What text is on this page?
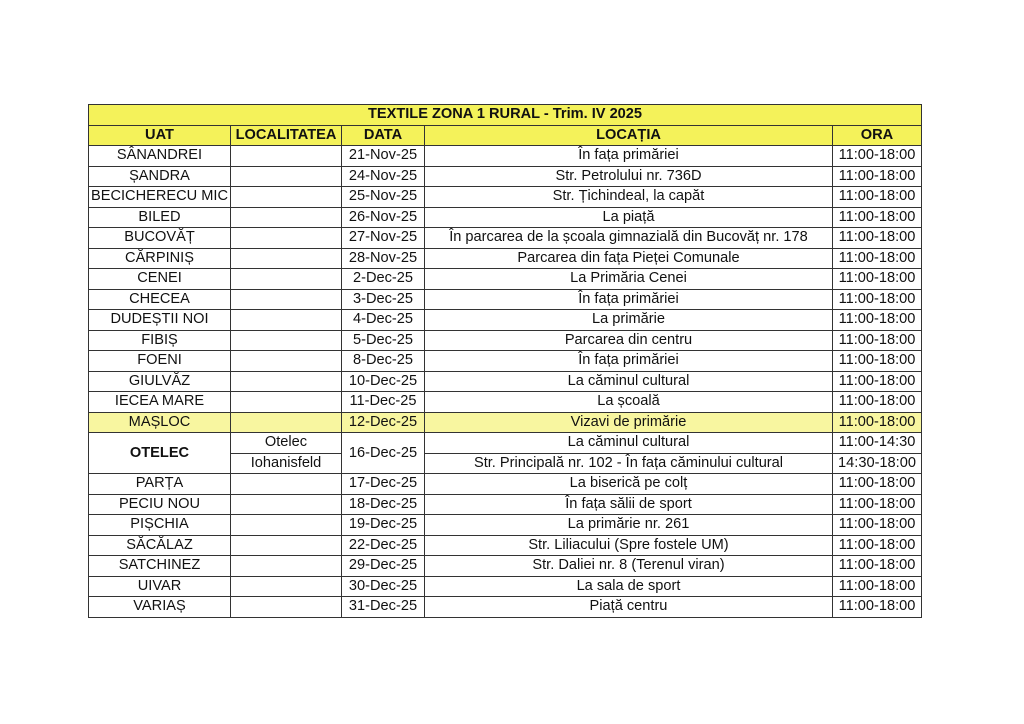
TEXTILE ZONA 1 RURAL - Trim. IV 2025				
UAT	LOCALITATEA	DATA	LOCAȚIA	ORA
SÂNANDREI		21-Nov-25	În fața primăriei	11:00-18:00
ȘANDRA		24-Nov-25	Str. Petrolului nr. 736D	11:00-18:00
BECICHERECU MIC		25-Nov-25	Str. Țichindeal, la capăt	11:00-18:00
BILED		26-Nov-25	La piață	11:00-18:00
BUCOVĂȚ		27-Nov-25	În parcarea de la școala gimnazială din Bucovăț nr. 178	11:00-18:00
CĂRPINIȘ		28-Nov-25	Parcarea din fața Pieței Comunale	11:00-18:00
CENEI		2-Dec-25	La Primăria Cenei	11:00-18:00
CHECEA		3-Dec-25	În fața primăriei	11:00-18:00
DUDEȘTII NOI		4-Dec-25	La primărie	11:00-18:00
FIBIȘ		5-Dec-25	Parcarea din centru	11:00-18:00
FOENI		8-Dec-25	În fața primăriei	11:00-18:00
GIULVĂZ		10-Dec-25	La căminul cultural	11:00-18:00
IECEA MARE		11-Dec-25	La școală	11:00-18:00
MAȘLOC		12-Dec-25	Vizavi de primărie	11:00-18:00
OTELEC	Otelec	16-Dec-25	La căminul cultural	11:00-14:30
	Iohanisfeld		Str. Principală nr. 102 - În fața căminului cultural	14:30-18:00
PARȚA		17-Dec-25	La biserică pe colț	11:00-18:00
PECIU NOU		18-Dec-25	În fața sălii de sport	11:00-18:00
PIȘCHIA		19-Dec-25	La primărie nr. 261	11:00-18:00
SĂCĂLAZ		22-Dec-25	Str. Liliacului (Spre fostele UM)	11:00-18:00
SATCHINEZ		29-Dec-25	Str. Daliei nr. 8 (Terenul viran)	11:00-18:00
UIVAR		30-Dec-25	La sala de sport	11:00-18:00
VARIAȘ		31-Dec-25	Piață centru	11:00-18:00
